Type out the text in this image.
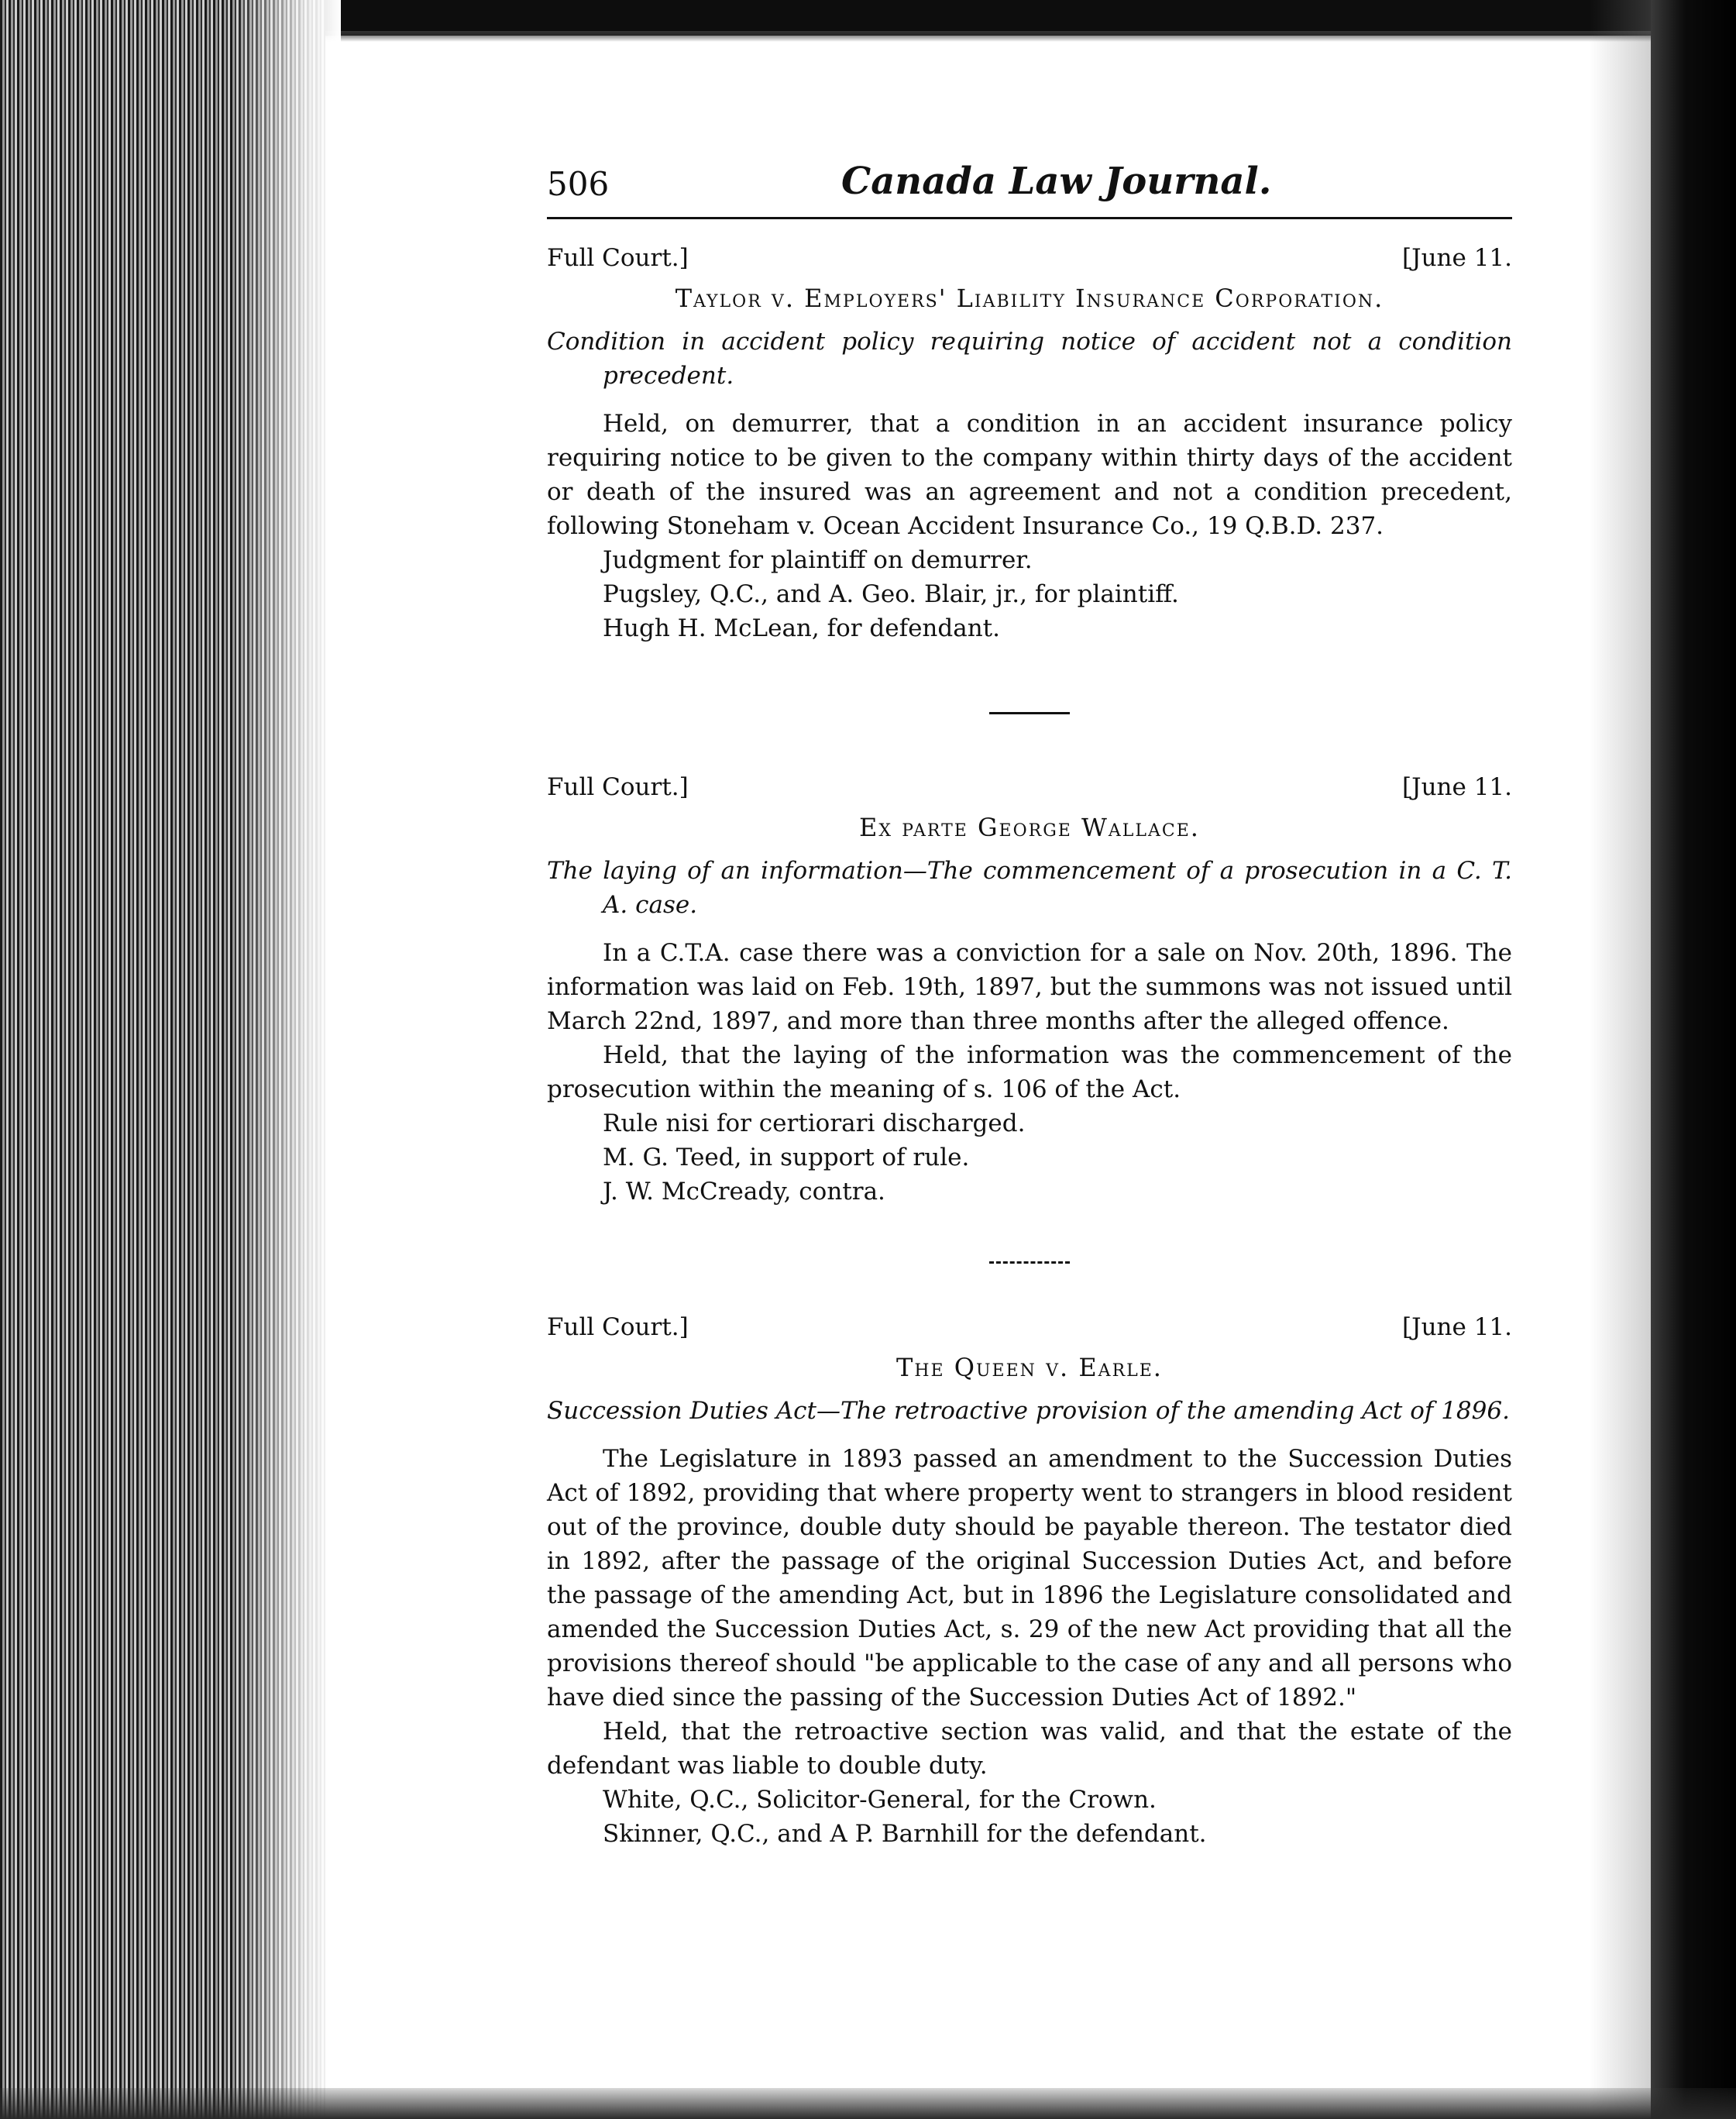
506	Canada Law Journal.
Full Court.]	[June 11.
Taylor v. Employers' Liability Insurance Corporation.
Condition in accident policy requiring notice of accident not a condition precedent.

Held, on demurrer, that a condition in an accident insurance policy requiring notice to be given to the company within thirty days of the accident or death of the insured was an agreement and not a condition precedent, following Stoneham v. Ocean Accident Insurance Co., 19 Q.B.D. 237.

Judgment for plaintiff on demurrer.

Pugsley, Q.C., and A. Geo. Blair, jr., for plaintiff.

Hugh H. McLean, for defendant.

Full Court.]	[June 11.
Ex parte George Wallace.
The laying of an information—The commencement of a prosecution in a C. T. A. case.

In a C.T.A. case there was a conviction for a sale on Nov. 20th, 1896. The information was laid on Feb. 19th, 1897, but the summons was not issued until March 22nd, 1897, and more than three months after the alleged offence.

Held, that the laying of the information was the commencement of the prosecution within the meaning of s. 106 of the Act.

Rule nisi for certiorari discharged.

M. G. Teed, in support of rule.

J. W. McCready, contra.

Full Court.]	[June 11.
The Queen v. Earle.
Succession Duties Act—The retroactive provision of the amending Act of 1896.

The Legislature in 1893 passed an amendment to the Succession Duties Act of 1892, providing that where property went to strangers in blood resident out of the province, double duty should be payable thereon. The testator died in 1892, after the passage of the original Succession Duties Act, and before the passage of the amending Act, but in 1896 the Legislature consolidated and amended the Succession Duties Act, s. 29 of the new Act providing that all the provisions thereof should "be applicable to the case of any and all persons who have died since the passing of the Succession Duties Act of 1892."

Held, that the retroactive section was valid, and that the estate of the defendant was liable to double duty.

White, Q.C., Solicitor-General, for the Crown.

Skinner, Q.C., and A P. Barnhill for the defendant.
